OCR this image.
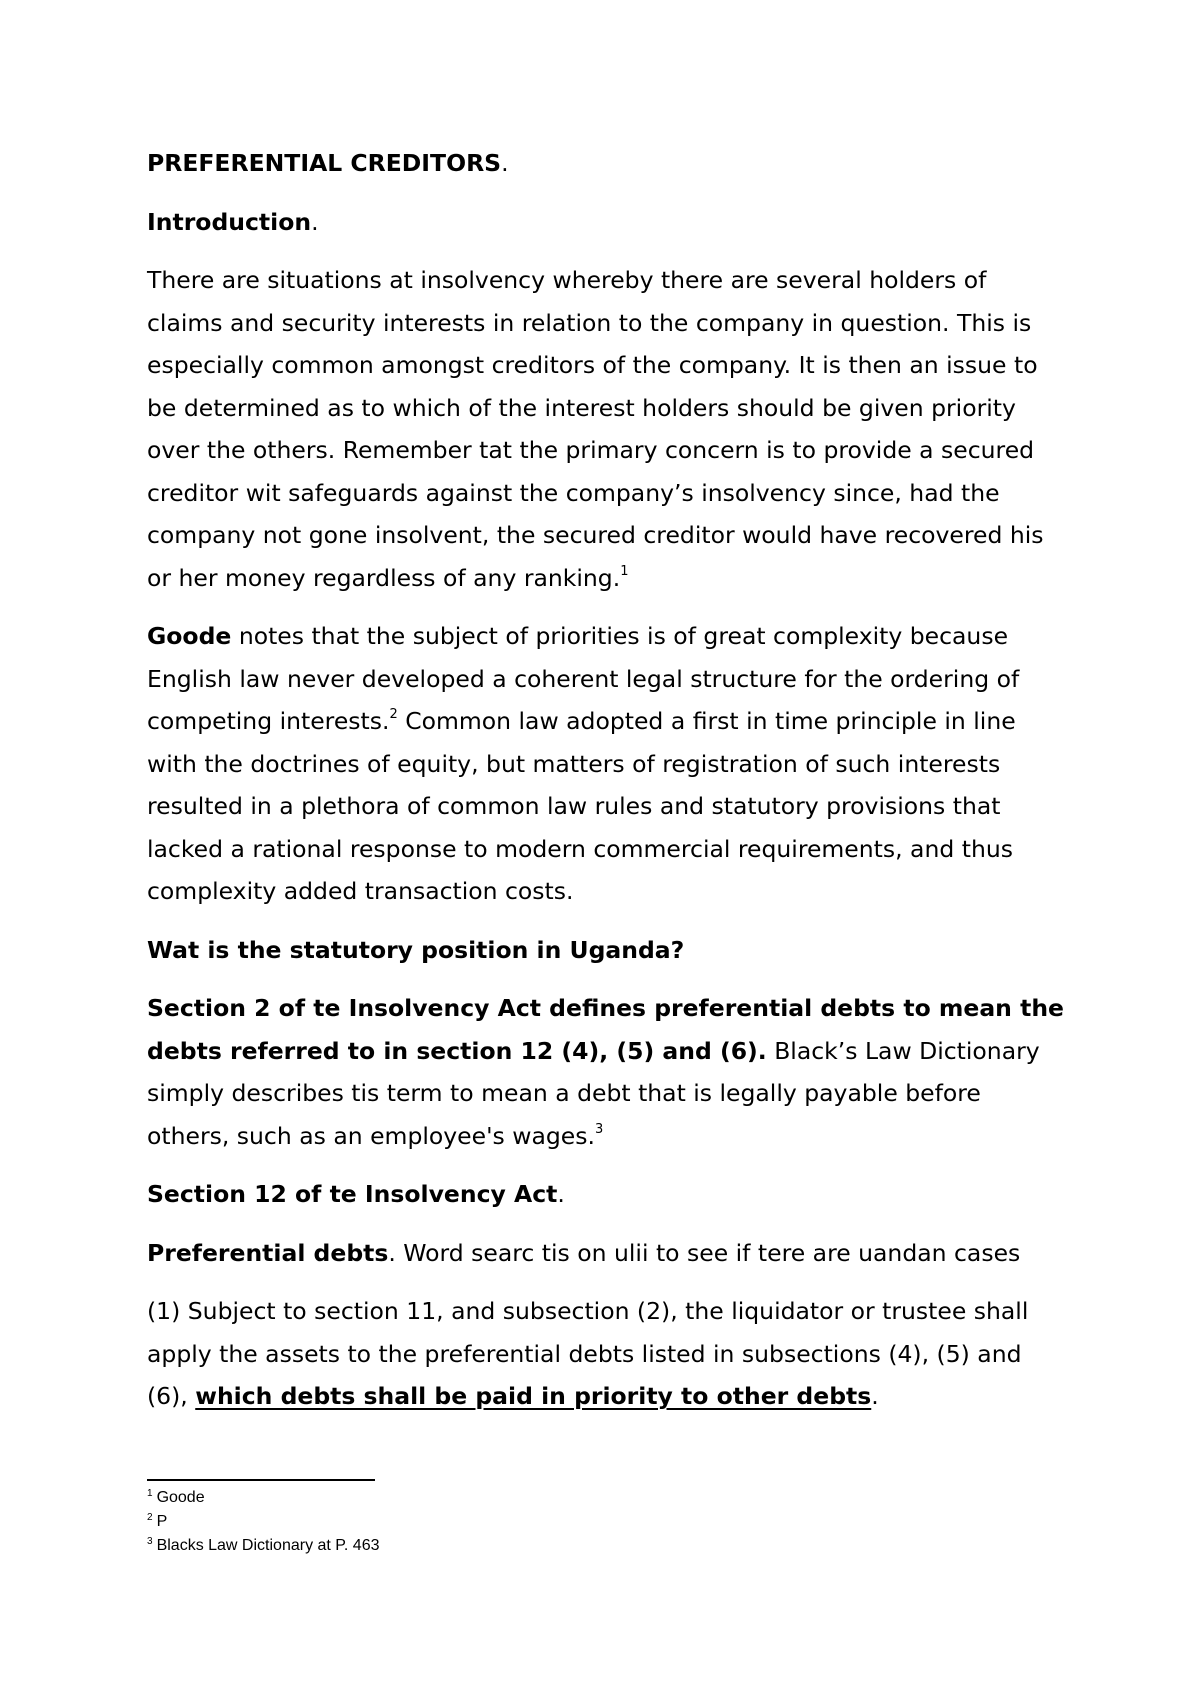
PREFERENTIAL CREDITORS.

Introduction.

There are situations at insolvency whereby there are several holders of claims and security interests in relation to the company in question. This is especially common amongst creditors of the company. It is then an issue to be determined as to which of the interest holders should be given priority over the others. Remember tat the primary concern is to provide a secured creditor wit safeguards against the company’s insolvency since, had the company not gone insolvent, the secured creditor would have recovered his or her money regardless of any ranking.$^1$

Goode notes that the subject of priorities is of great complexity because English law never developed a coherent legal structure for the ordering of competing interests.$^2$ Common law adopted a first in time principle in line with the doctrines of equity, but matters of registration of such interests resulted in a plethora of common law rules and statutory provisions that lacked a rational response to modern commercial requirements, and thus complexity added transaction costs.

Wat is the statutory position in Uganda?

Section 2 of te Insolvency Act defines preferential debts to mean the debts referred to in section 12 (4), (5) and (6). Black’s Law Dictionary simply describes tis term to mean a debt that is legally payable before others, such as an employee's wages.$^3$

Section 12 of te Insolvency Act.

Preferential debts. Word searc tis on ulii to see if tere are uandan cases

(1) Subject to section 11, and subsection (2), the liquidator or trustee shall apply the assets to the preferential debts listed in subsections (4), (5) and (6), which debts shall be paid in priority to other debts.

$^1$ Goode
$^2$ P
$^3$ Blacks Law Dictionary at P. 463
